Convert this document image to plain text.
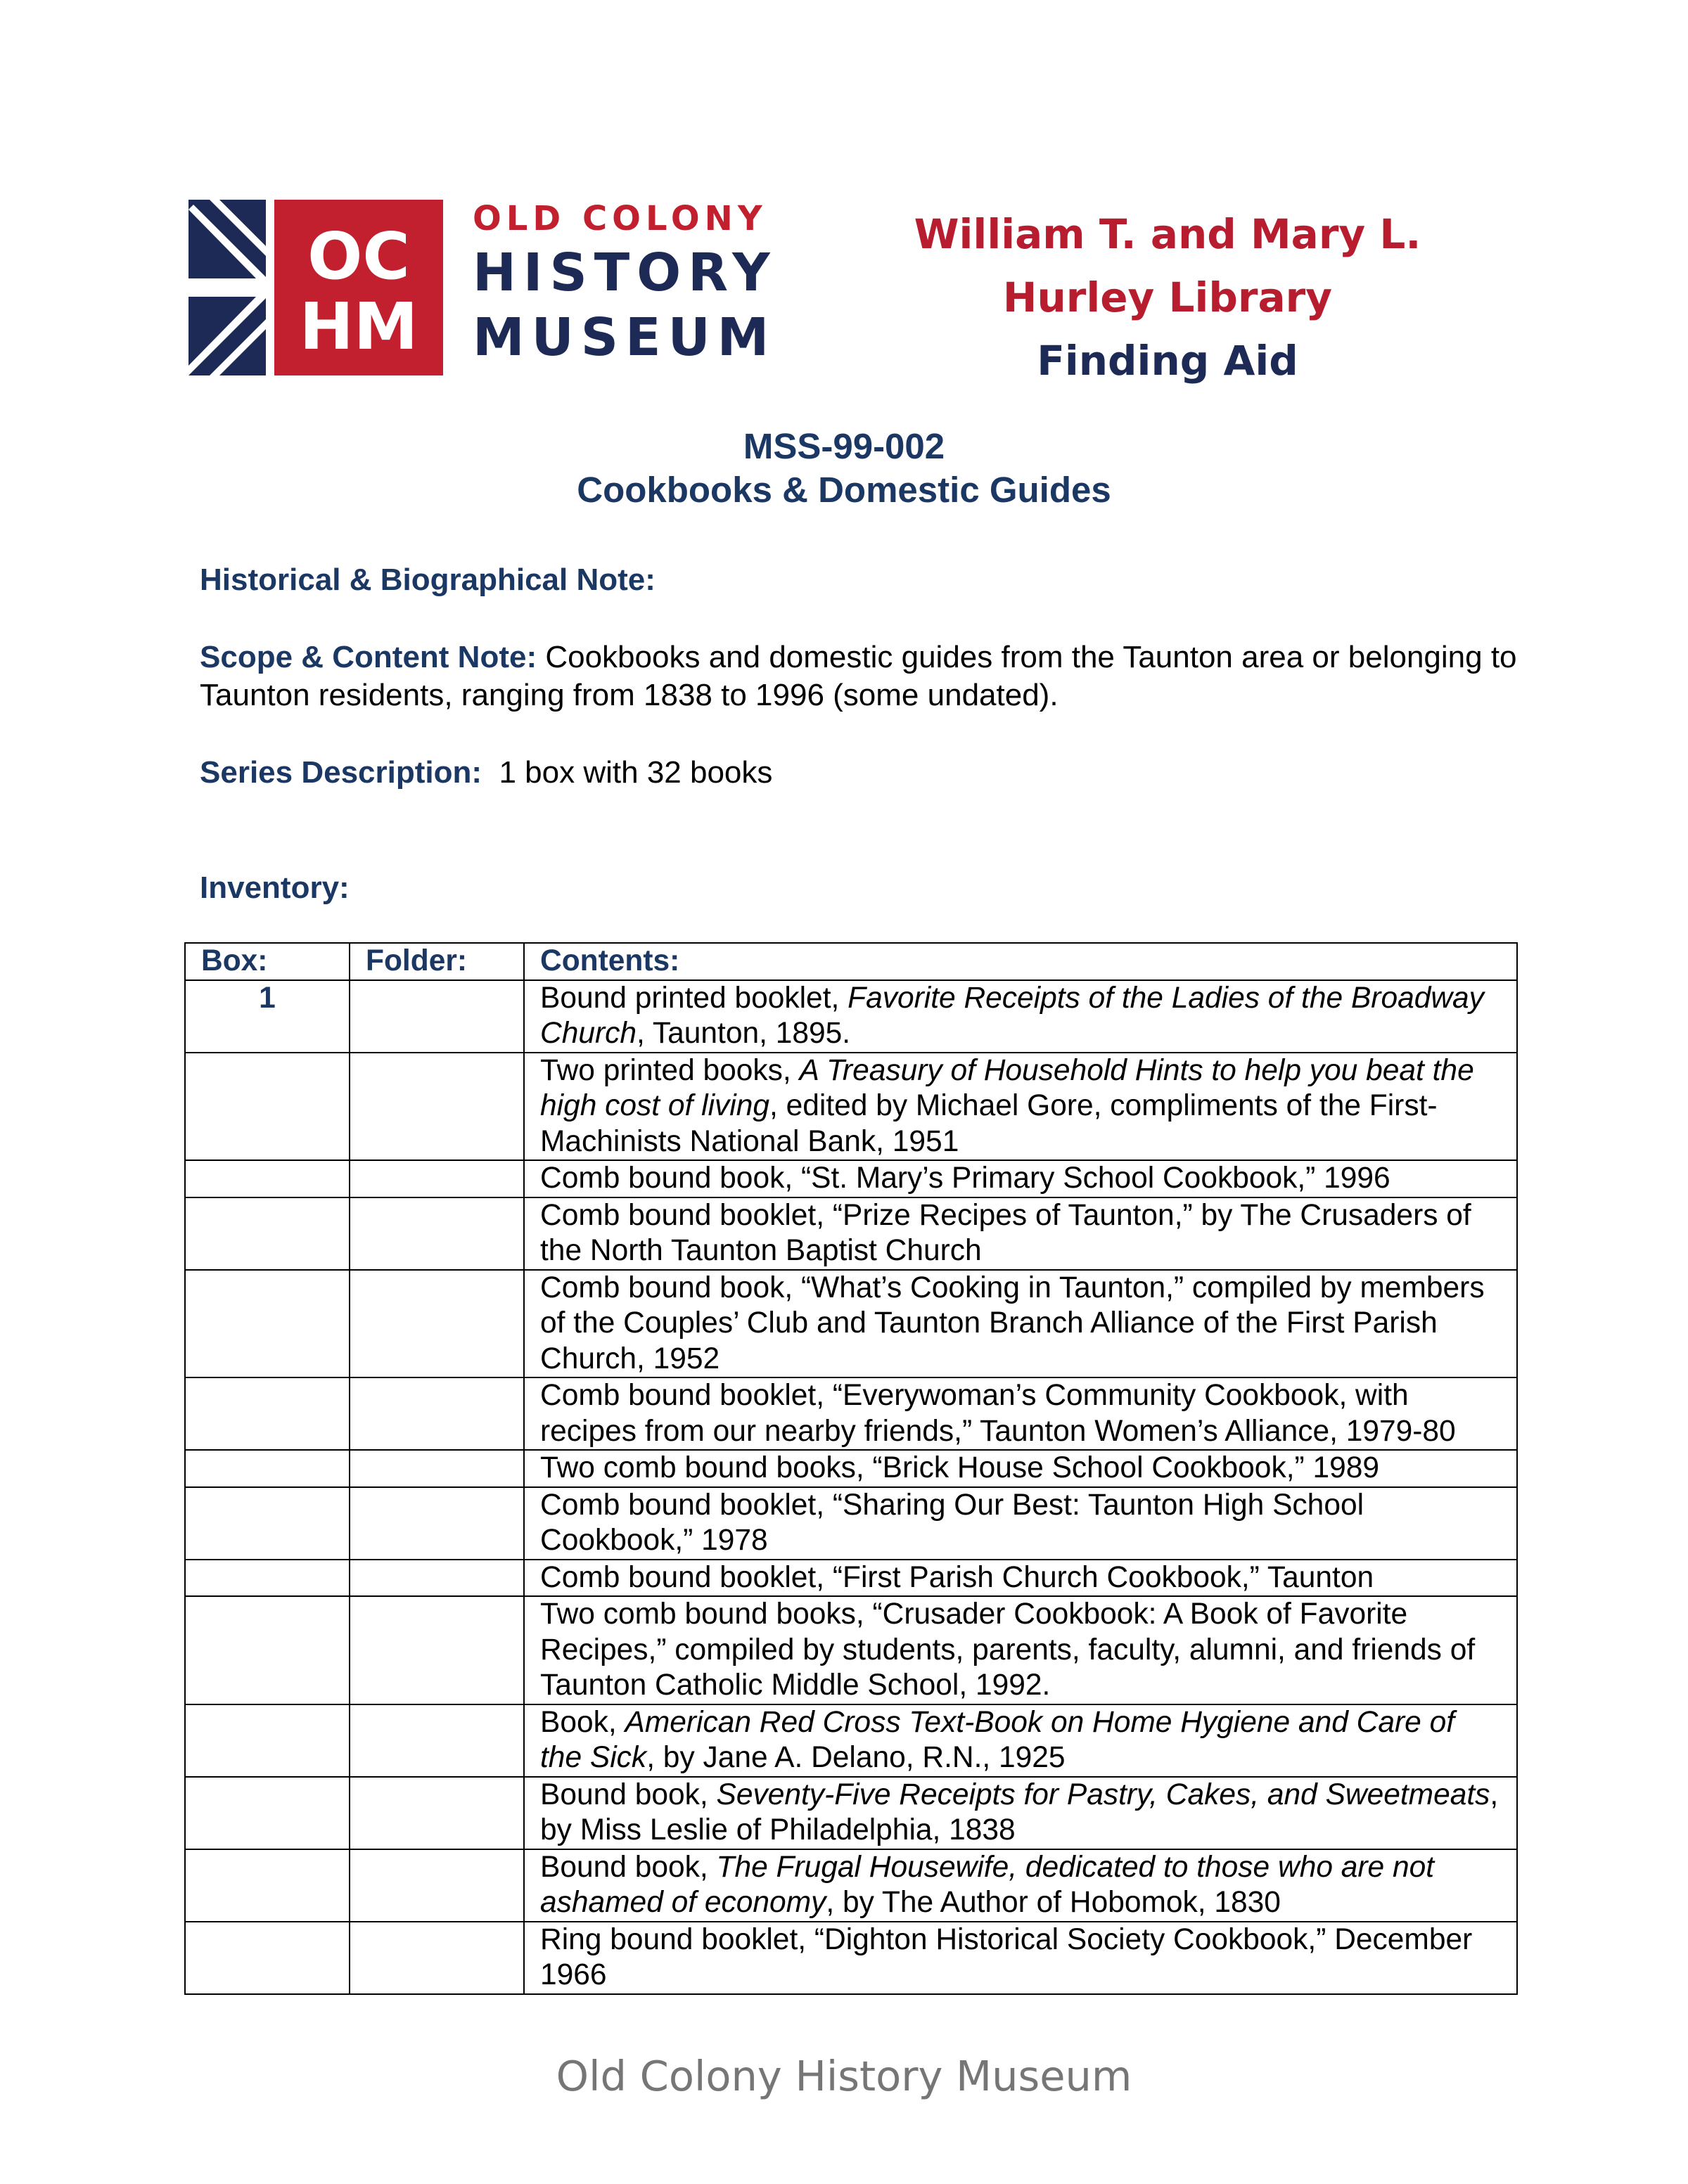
OC
HM
OLD COLONY
HISTORY
MUSEUM
William T. and Mary L.
Hurley Library
Finding Aid
MSS-99-002
Cookbooks & Domestic Guides
Historical & Biographical Note:
Scope & Content Note: Cookbooks and domestic guides from the Taunton area or belonging to Taunton residents, ranging from 1838 to 1996 (some undated).
Series Description:  1 box with 32 books
Inventory:
Box:	Folder:	Contents:
1		Bound printed booklet, Favorite Receipts of the Ladies of the Broadway Church, Taunton, 1895.
		Two printed books, A Treasury of Household Hints to help you beat the high cost of living, edited by Michael Gore, compliments of the First-Machinists National Bank, 1951
		Comb bound book, “St. Mary’s Primary School Cookbook,” 1996
		Comb bound booklet, “Prize Recipes of Taunton,” by The Crusaders of the North Taunton Baptist Church
		Comb bound book, “What’s Cooking in Taunton,” compiled by members of the Couples’ Club and Taunton Branch Alliance of the First Parish Church, 1952
		Comb bound booklet, “Everywoman’s Community Cookbook, with recipes from our nearby friends,” Taunton Women’s Alliance, 1979-80
		Two comb bound books, “Brick House School Cookbook,” 1989
		Comb bound booklet, “Sharing Our Best: Taunton High School Cookbook,” 1978
		Comb bound booklet, “First Parish Church Cookbook,” Taunton
		Two comb bound books, “Crusader Cookbook: A Book of Favorite Recipes,” compiled by students, parents, faculty, alumni, and friends of Taunton Catholic Middle School, 1992.
		Book, American Red Cross Text-Book on Home Hygiene and Care of the Sick, by Jane A. Delano, R.N., 1925
		Bound book, Seventy-Five Receipts for Pastry, Cakes, and Sweetmeats, by Miss Leslie of Philadelphia, 1838
		Bound book, The Frugal Housewife, dedicated to those who are not ashamed of economy, by The Author of Hobomok, 1830
		Ring bound booklet, “Dighton Historical Society Cookbook,” December 1966
Old Colony History Museum
